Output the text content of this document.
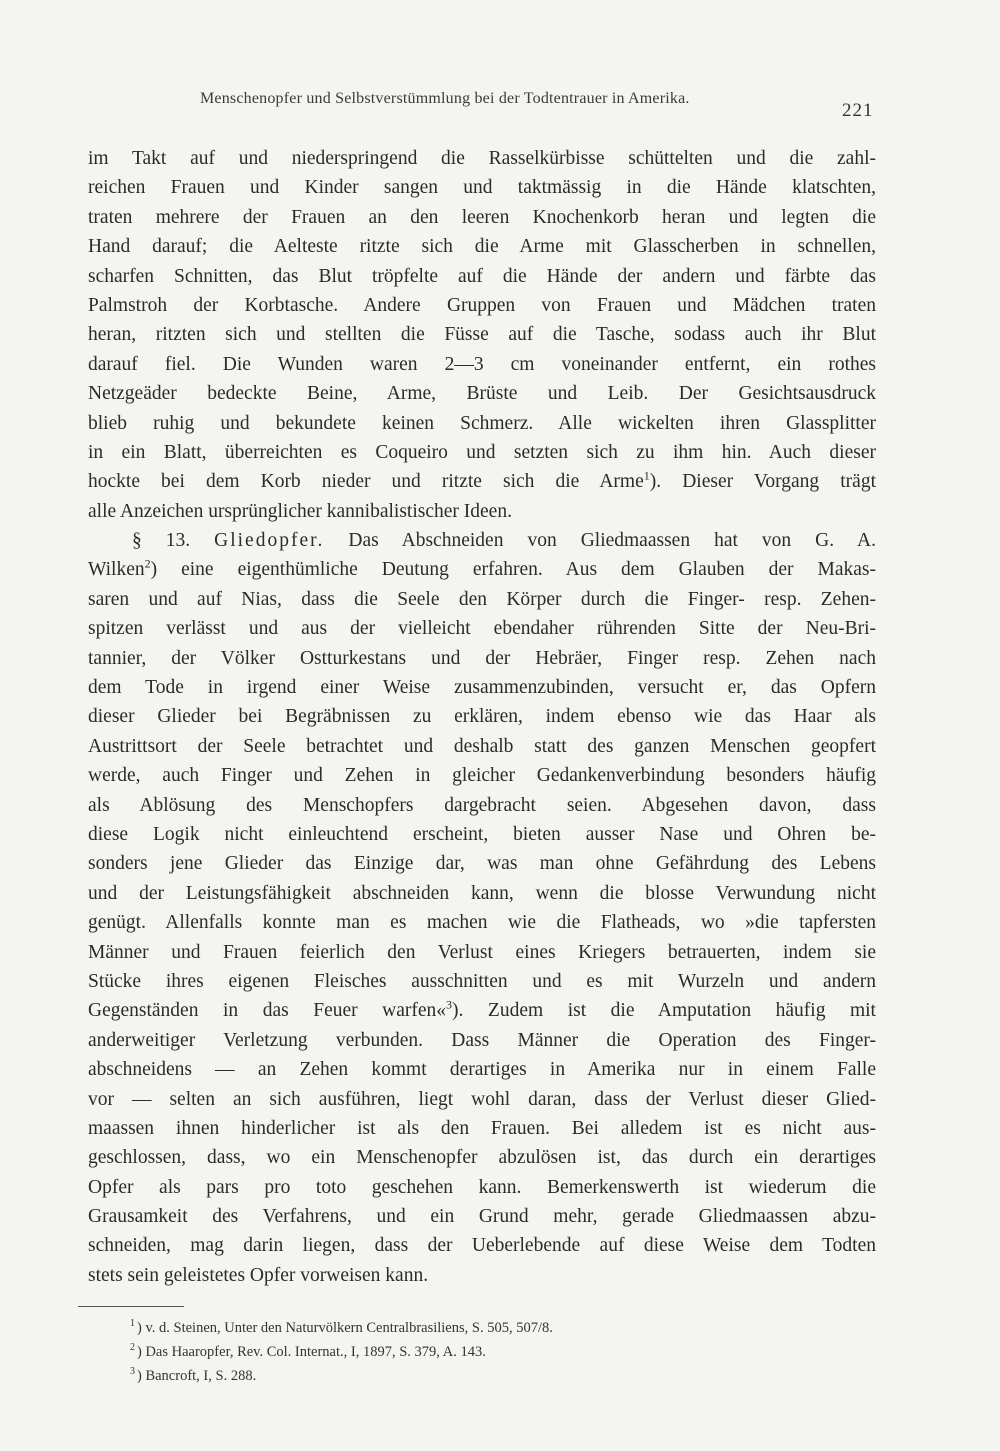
Menschenopfer und Selbstverstümmlung bei der Todtentrauer in Amerika.
221
im Takt auf und niederspringend die Rasselkürbisse schüttelten und die zahl-
reichen Frauen und Kinder sangen und taktmässig in die Hände klatschten,
traten mehrere der Frauen an den leeren Knochenkorb heran und legten die
Hand darauf; die Aelteste ritzte sich die Arme mit Glasscherben in schnellen,
scharfen Schnitten, das Blut tröpfelte auf die Hände der andern und färbte das
Palmstroh der Korbtasche. Andere Gruppen von Frauen und Mädchen traten
heran, ritzten sich und stellten die Füsse auf die Tasche, sodass auch ihr Blut
darauf fiel. Die Wunden waren 2—3 cm voneinander entfernt, ein rothes
Netzgeäder bedeckte Beine, Arme, Brüste und Leib. Der Gesichtsausdruck
blieb ruhig und bekundete keinen Schmerz. Alle wickelten ihren Glassplitter
in ein Blatt, überreichten es Coqueiro und setzten sich zu ihm hin. Auch dieser
hockte bei dem Korb nieder und ritzte sich die Arme$^1$). Dieser Vorgang trägt
alle Anzeichen ursprünglicher kannibalistischer Ideen.
§ 13. Gliedopfer. Das Abschneiden von Gliedmaassen hat von G. A.
Wilken$^2$) eine eigenthümliche Deutung erfahren. Aus dem Glauben der Makas-
saren und auf Nias, dass die Seele den Körper durch die Finger- resp. Zehen-
spitzen verlässt und aus der vielleicht ebendaher rührenden Sitte der Neu-Bri-
tannier, der Völker Ostturkestans und der Hebräer, Finger resp. Zehen nach
dem Tode in irgend einer Weise zusammenzubinden, versucht er, das Opfern
dieser Glieder bei Begräbnissen zu erklären, indem ebenso wie das Haar als
Austrittsort der Seele betrachtet und deshalb statt des ganzen Menschen geopfert
werde, auch Finger und Zehen in gleicher Gedankenverbindung besonders häufig
als Ablösung des Menschopfers dargebracht seien. Abgesehen davon, dass
diese Logik nicht einleuchtend erscheint, bieten ausser Nase und Ohren be-
sonders jene Glieder das Einzige dar, was man ohne Gefährdung des Lebens
und der Leistungsfähigkeit abschneiden kann, wenn die blosse Verwundung nicht
genügt. Allenfalls konnte man es machen wie die Flatheads, wo »die tapfersten
Männer und Frauen feierlich den Verlust eines Kriegers betrauerten, indem sie
Stücke ihres eigenen Fleisches ausschnitten und es mit Wurzeln und andern
Gegenständen in das Feuer warfen«$^3$). Zudem ist die Amputation häufig mit
anderweitiger Verletzung verbunden. Dass Männer die Operation des Finger-
abschneidens — an Zehen kommt derartiges in Amerika nur in einem Falle
vor — selten an sich ausführen, liegt wohl daran, dass der Verlust dieser Glied-
maassen ihnen hinderlicher ist als den Frauen. Bei alledem ist es nicht aus-
geschlossen, dass, wo ein Menschenopfer abzulösen ist, das durch ein derartiges
Opfer als pars pro toto geschehen kann. Bemerkenswerth ist wiederum die
Grausamkeit des Verfahrens, und ein Grund mehr, gerade Gliedmaassen abzu-
schneiden, mag darin liegen, dass der Ueberlebende auf diese Weise dem Todten
stets sein geleistetes Opfer vorweisen kann.
$^1$ ) v. d. Steinen, Unter den Naturvölkern Centralbrasiliens, S. 505, 507/8.
$^2$ ) Das Haaropfer, Rev. Col. Internat., I, 1897, S. 379, A. 143.
$^3$ ) Bancroft, I, S. 288.
